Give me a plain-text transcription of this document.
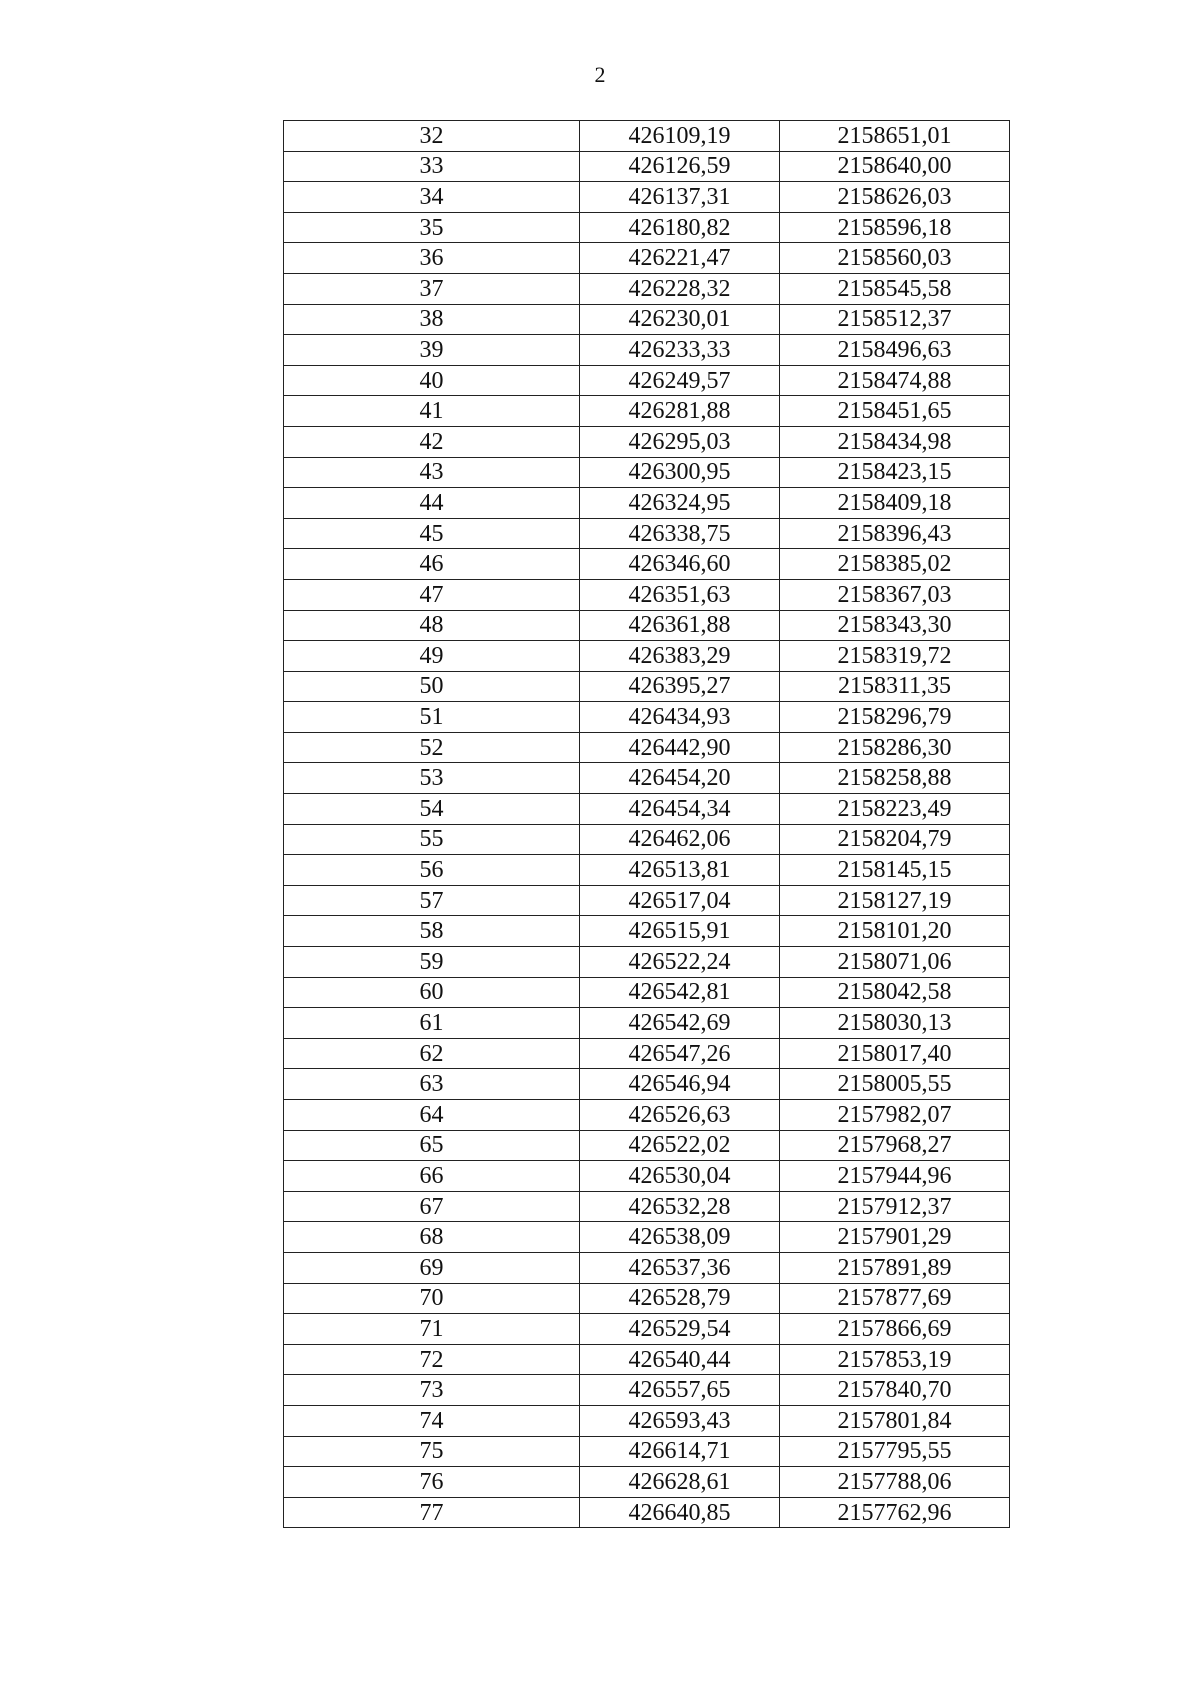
2
32	426109,19	2158651,01
33	426126,59	2158640,00
34	426137,31	2158626,03
35	426180,82	2158596,18
36	426221,47	2158560,03
37	426228,32	2158545,58
38	426230,01	2158512,37
39	426233,33	2158496,63
40	426249,57	2158474,88
41	426281,88	2158451,65
42	426295,03	2158434,98
43	426300,95	2158423,15
44	426324,95	2158409,18
45	426338,75	2158396,43
46	426346,60	2158385,02
47	426351,63	2158367,03
48	426361,88	2158343,30
49	426383,29	2158319,72
50	426395,27	2158311,35
51	426434,93	2158296,79
52	426442,90	2158286,30
53	426454,20	2158258,88
54	426454,34	2158223,49
55	426462,06	2158204,79
56	426513,81	2158145,15
57	426517,04	2158127,19
58	426515,91	2158101,20
59	426522,24	2158071,06
60	426542,81	2158042,58
61	426542,69	2158030,13
62	426547,26	2158017,40
63	426546,94	2158005,55
64	426526,63	2157982,07
65	426522,02	2157968,27
66	426530,04	2157944,96
67	426532,28	2157912,37
68	426538,09	2157901,29
69	426537,36	2157891,89
70	426528,79	2157877,69
71	426529,54	2157866,69
72	426540,44	2157853,19
73	426557,65	2157840,70
74	426593,43	2157801,84
75	426614,71	2157795,55
76	426628,61	2157788,06
77	426640,85	2157762,96
